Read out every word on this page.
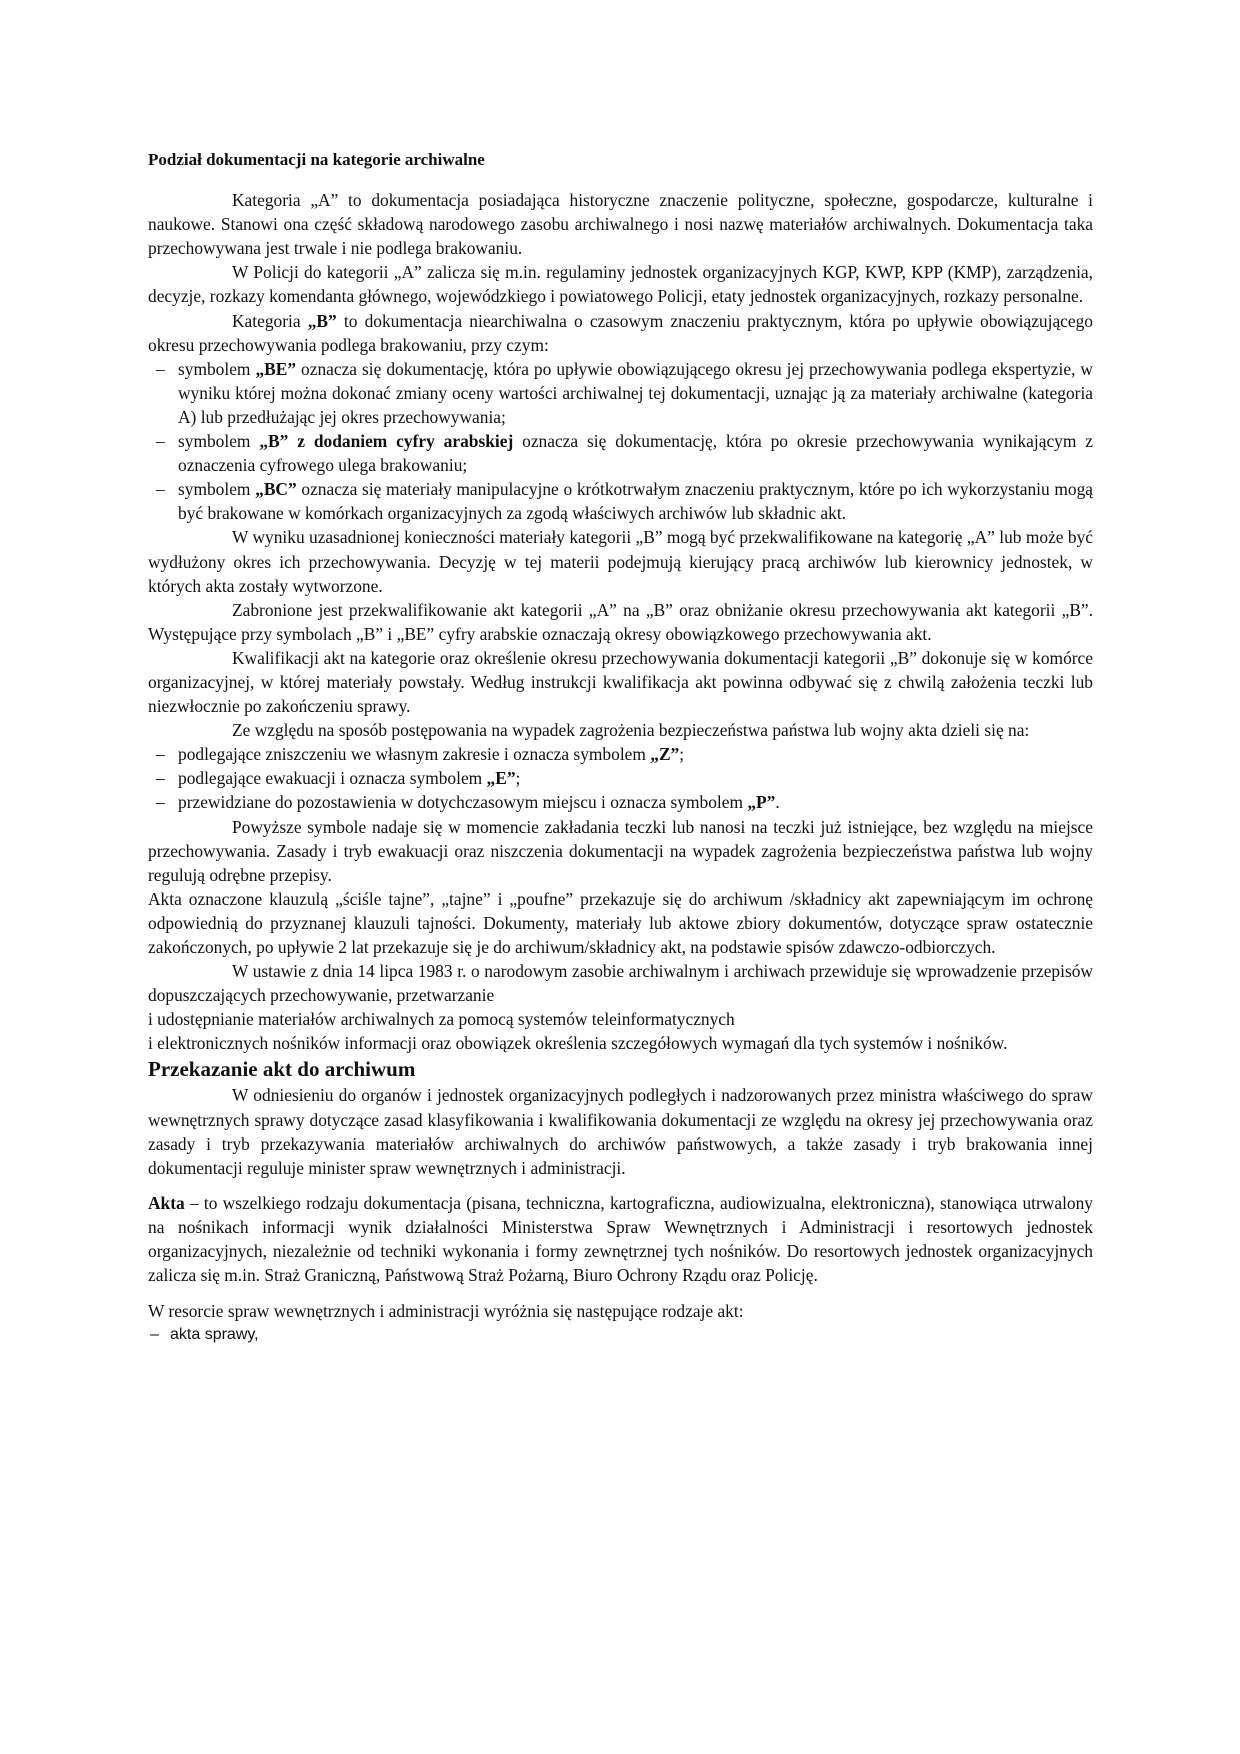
Podział dokumentacji na kategorie archiwalne

Kategoria „A” to dokumentacja posiadająca historyczne znaczenie polityczne, społeczne, gospodarcze, kulturalne i naukowe. Stanowi ona część składową narodowego zasobu archiwalnego i nosi nazwę materiałów archiwalnych. Dokumentacja taka przechowywana jest trwale i nie podlega brakowaniu.

W Policji do kategorii „A” zalicza się m.in. regulaminy jednostek organizacyjnych KGP, KWP, KPP (KMP), zarządzenia, decyzje, rozkazy komendanta głównego, wojewódzkiego i powiatowego Policji, etaty jednostek organizacyjnych, rozkazy personalne.

Kategoria „B” to dokumentacja niearchiwalna o czasowym znaczeniu praktycznym, która po upływie obowiązującego okresu przechowywania podlega brakowaniu, przy czym:

– symbolem „BE” oznacza się dokumentację, która po upływie obowiązującego okresu jej przechowywania podlega ekspertyzie, w wyniku której można dokonać zmiany oceny wartości archiwalnej tej dokumentacji, uznając ją za materiały archiwalne (kategoria A) lub przedłużając jej okres przechowywania;
– symbolem „B” z dodaniem cyfry arabskiej oznacza się dokumentację, która po okresie przechowywania wynikającym z oznaczenia cyfrowego ulega brakowaniu;
– symbolem „BC” oznacza się materiały manipulacyjne o krótkotrwałym znaczeniu praktycznym, które po ich wykorzystaniu mogą być brakowane w komórkach organizacyjnych za zgodą właściwych archiwów lub składnic akt.

W wyniku uzasadnionej konieczności materiały kategorii „B” mogą być przekwalifikowane na kategorię „A” lub może być wydłużony okres ich przechowywania. Decyzję w tej materii podejmują kierujący pracą archiwów lub kierownicy jednostek, w których akta zostały wytworzone.

Zabronione jest przekwalifikowanie akt kategorii „A” na „B” oraz obniżanie okresu przechowywania akt kategorii „B”. Występujące przy symbolach „B” i „BE” cyfry arabskie oznaczają okresy obowiązkowego przechowywania akt.

Kwalifikacji akt na kategorie oraz określenie okresu przechowywania dokumentacji kategorii „B” dokonuje się w komórce organizacyjnej, w której materiały powstały. Według instrukcji kwalifikacja akt powinna odbywać się z chwilą założenia teczki lub niezwłocznie po zakończeniu sprawy.

Ze względu na sposób postępowania na wypadek zagrożenia bezpieczeństwa państwa lub wojny akta dzieli się na:

– podlegające zniszczeniu we własnym zakresie i oznacza symbolem „Z”;
– podlegające ewakuacji i oznacza symbolem „E”;
– przewidziane do pozostawienia w dotychczasowym miejscu i oznacza symbolem „P”.

Powyższe symbole nadaje się w momencie zakładania teczki lub nanosi na teczki już istniejące, bez względu na miejsce przechowywania. Zasady i tryb ewakuacji oraz niszczenia dokumentacji na wypadek zagrożenia bezpieczeństwa państwa lub wojny regulują odrębne przepisy.

Akta oznaczone klauzulą „ściśle tajne”, „tajne” i „poufne” przekazuje się do archiwum /składnicy akt zapewniającym im ochronę odpowiednią do przyznanej klauzuli tajności. Dokumenty, materiały lub aktowe zbiory dokumentów, dotyczące spraw ostatecznie zakończonych, po upływie 2 lat przekazuje się je do archiwum/składnicy akt, na podstawie spisów zdawczo-odbiorczych.

W ustawie z dnia 14 lipca 1983 r. o narodowym zasobie archiwalnym i archiwach przewiduje się wprowadzenie przepisów dopuszczających przechowywanie, przetwarzanie

i udostępnianie materiałów archiwalnych za pomocą systemów teleinformatycznych

i elektronicznych nośników informacji oraz obowiązek określenia szczegółowych wymagań dla tych systemów i nośników.

Przekazanie akt do archiwum

W odniesieniu do organów i jednostek organizacyjnych podległych i nadzorowanych przez ministra właściwego do spraw wewnętrznych sprawy dotyczące zasad klasyfikowania i kwalifikowania dokumentacji ze względu na okresy jej przechowywania oraz zasady i tryb przekazywania materiałów archiwalnych do archiwów państwowych, a także zasady i tryb brakowania innej dokumentacji reguluje minister spraw wewnętrznych i administracji.

Akta – to wszelkiego rodzaju dokumentacja (pisana, techniczna, kartograficzna, audiowizualna, elektroniczna), stanowiąca utrwalony na nośnikach informacji wynik działalności Ministerstwa Spraw Wewnętrznych i Administracji i resortowych jednostek organizacyjnych, niezależnie od techniki wykonania i formy zewnętrznej tych nośników. Do resortowych jednostek organizacyjnych zalicza się m.in. Straż Graniczną, Państwową Straż Pożarną, Biuro Ochrony Rządu oraz Policję.

W resorcie spraw wewnętrznych i administracji wyróżnia się następujące rodzaje akt:

– akta sprawy,
